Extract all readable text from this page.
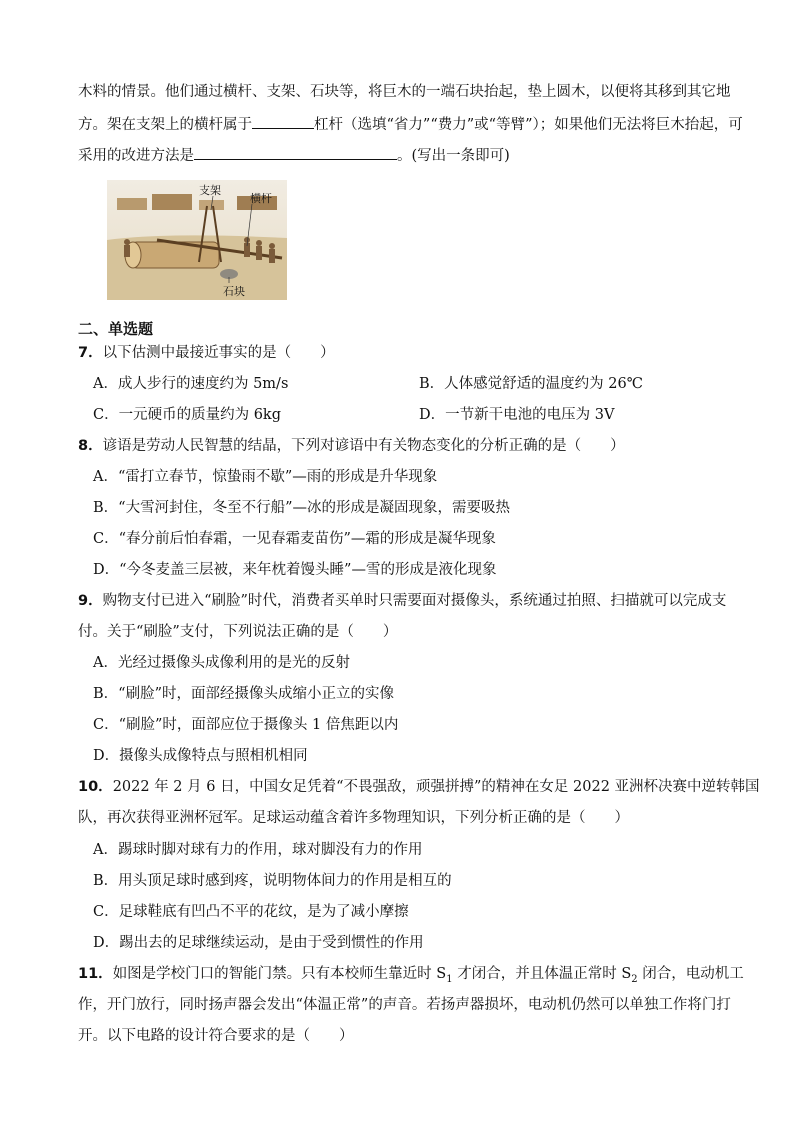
木料的情景。他们通过横杆、支架、石块等，将巨木的一端石块抬起，垫上圆木，以便将其移到其它地
方。架在支架上的横杆属于	杠杆（选填“省力”“费力”或“等臂”）；如果他们无法将巨木抬起，可
采用的改进方法是	。(写出一条即可)
支架
横杆
石块
二、单选题
7．以下估测中最接近事实的是（　　）
A．成人步行的速度约为 5m/s	B．人体感觉舒适的温度约为 26℃
C．一元硬币的质量约为 6kg	D．一节新干电池的电压为 3V
8．谚语是劳动人民智慧的结晶，下列对谚语中有关物态变化的分析正确的是（　　）
A．“雷打立春节，惊蛰雨不歇”—雨的形成是升华现象
B．“大雪河封住，冬至不行船”—冰的形成是凝固现象，需要吸热
C．“春分前后怕春霜，一见春霜麦苗伤”—霜的形成是凝华现象
D．“今冬麦盖三层被，来年枕着馒头睡”—雪的形成是液化现象
9．购物支付已进入“刷脸”时代，消费者买单时只需要面对摄像头，系统通过拍照、扫描就可以完成支
付。关于“刷脸”支付，下列说法正确的是（　　）
A．光经过摄像头成像利用的是光的反射
B．“刷脸”时，面部经摄像头成缩小正立的实像
C．“刷脸”时，面部应位于摄像头 1 倍焦距以内
D．摄像头成像特点与照相机相同
10．2022 年 2 月 6 日，中国女足凭着“不畏强敌，顽强拼搏”的精神在女足 2022 亚洲杯决赛中逆转韩国
队，再次获得亚洲杯冠军。足球运动蕴含着许多物理知识，下列分析正确的是（　　）
A．踢球时脚对球有力的作用，球对脚没有力的作用
B．用头顶足球时感到疼，说明物体间力的作用是相互的
C．足球鞋底有凹凸不平的花纹，是为了减小摩擦
D．踢出去的足球继续运动，是由于受到惯性的作用
11．如图是学校门口的智能门禁。只有本校师生靠近时 $S_1$ 才闭合，并且体温正常时 $S_2$ 闭合，电动机工
作，开门放行，同时扬声器会发出“体温正常”的声音。若扬声器损坏，电动机仍然可以单独工作将门打
开。以下电路的设计符合要求的是（　　）
